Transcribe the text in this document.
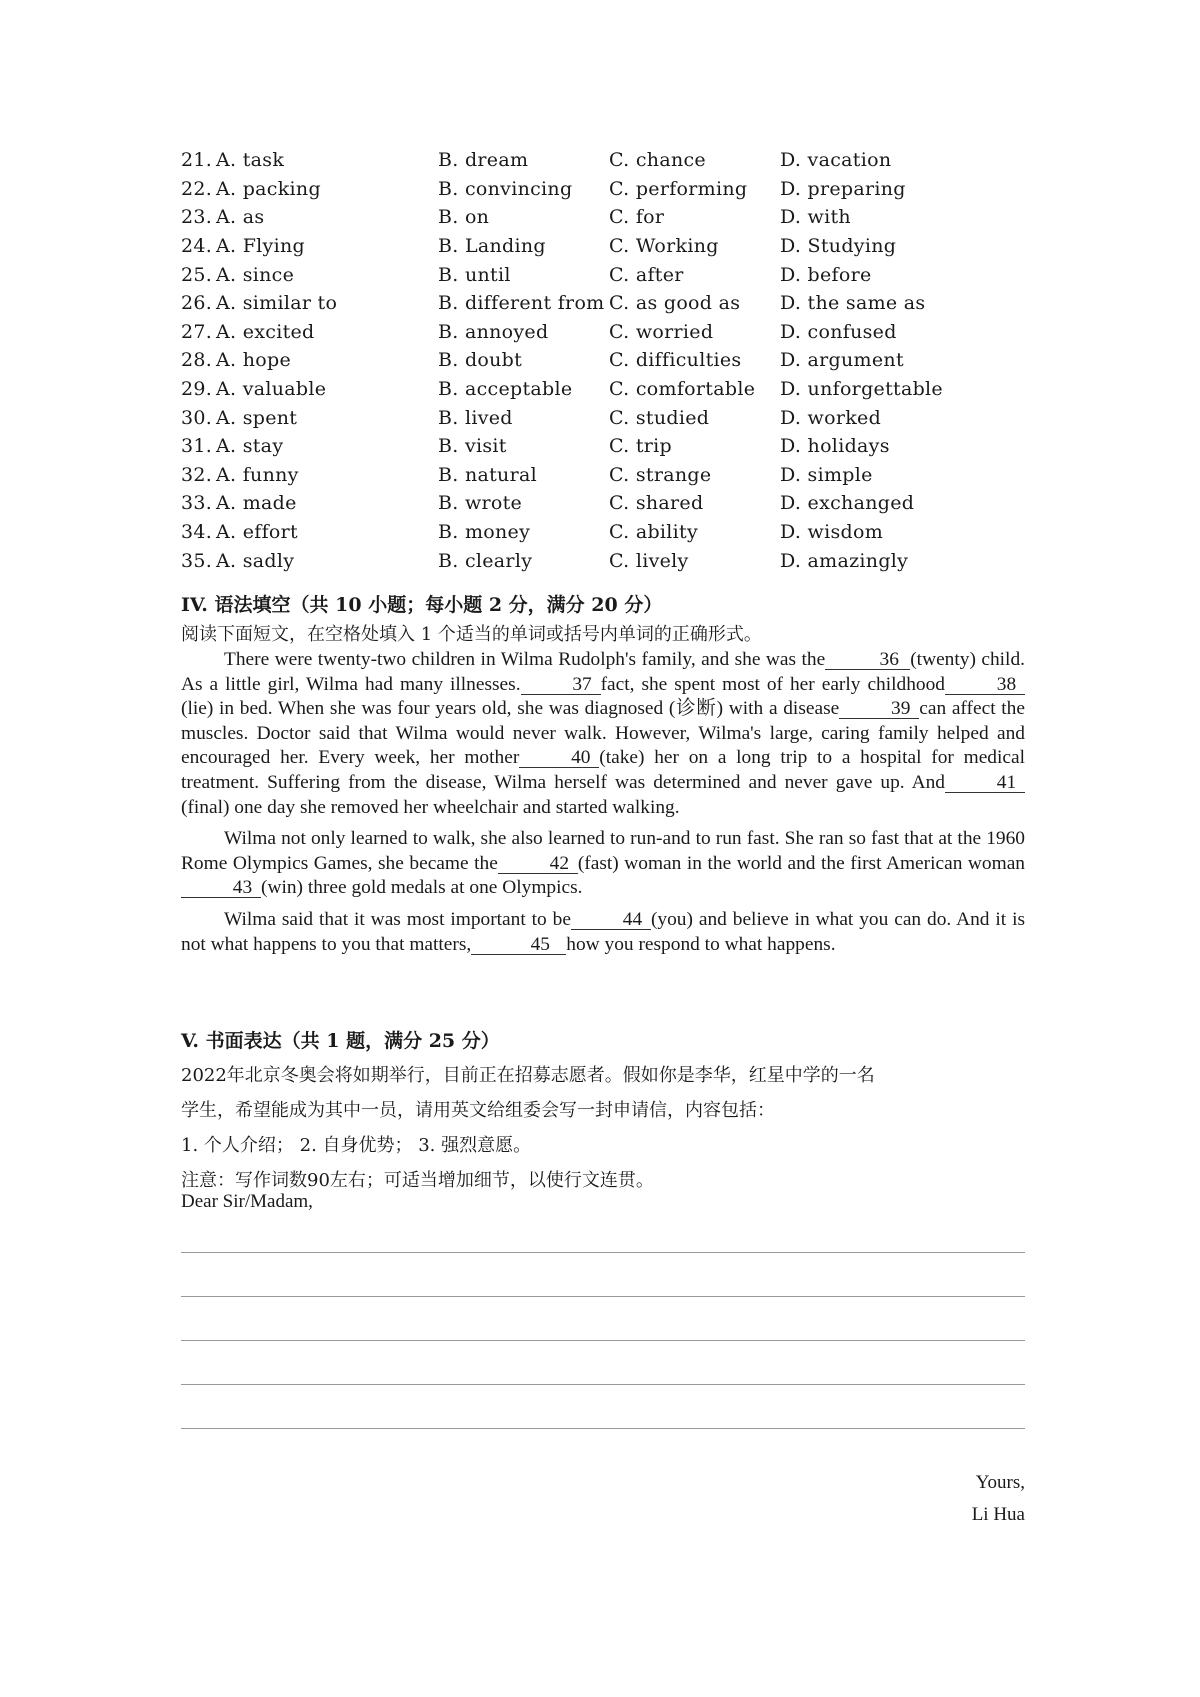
21. A. task	B. dream	C. chance	D. vacation
22. A. packing	B. convincing	C. performing	D. preparing
23. A. as	B. on	C. for	D. with
24. A. Flying	B. Landing	C. Working	D. Studying
25. A. since	B. until	C. after	D. before
26. A. similar to	B. different from C. as good as	D. the same as
27. A. excited	B. annoyed	C. worried	D. confused
28. A. hope	B. doubt	C. difficulties	D. argument
29. A. valuable	B. acceptable	C. comfortable	D. unforgettable
30. A. spent	B. lived	C. studied	D. worked
31. A. stay	B. visit	C. trip	D. holidays
32. A. funny	B. natural	C. strange	D. simple
33. A. made	B. wrote	C. shared	D. exchanged
34. A. effort	B. money	C. ability	D. wisdom
35. A. sadly	B. clearly	C. lively	D. amazingly
IV. 语法填空（共 10 小题；每小题 2 分，满分 20 分）
阅读下面短文，在空格处填入 1 个适当的单词或括号内单词的正确形式。

There were twenty-two children in Wilma Rudolph's family, and she was the	36 (twenty) child. As a little girl, Wilma had many illnesses.	37 fact, she spent most of her early childhood	38(lie) in bed. When she was four years old, she was diagnosed (诊断) with a disease	39 can affect the muscles. Doctor said that Wilma would never walk. However, Wilma's large, caring family helped and encouraged her. Every week, her mother	40 (take) her on a long trip to a hospital for medical treatment. Suffering from the disease, Wilma herself was determined and never gave up. And	41(final) one day she removed her wheelchair and started walking.

Wilma not only learned to walk, she also learned to run-and to run fast. She ran so fast that at the 1960 Rome Olympics Games, she became the	42 (fast) woman in the world and the first American woman43 (win) three gold medals at one Olympics.

Wilma said that it was most important to be	44 (you) and believe in what you can do. And it is not what happens to you that matters,	45 how you respond to what happens.

V. 书面表达（共 1 题，满分 25 分）
2022年北京冬奥会将如期举行，目前正在招募志愿者。假如你是李华，红星中学的一名
学生，希望能成为其中一员，请用英文给组委会写一封申请信，内容包括：
1. 个人介绍； 2. 自身优势； 3. 强烈意愿。
注意：写作词数90左右；可适当增加细节，以使行文连贯。
Dear Sir/Madam,
Yours,
Li Hua
